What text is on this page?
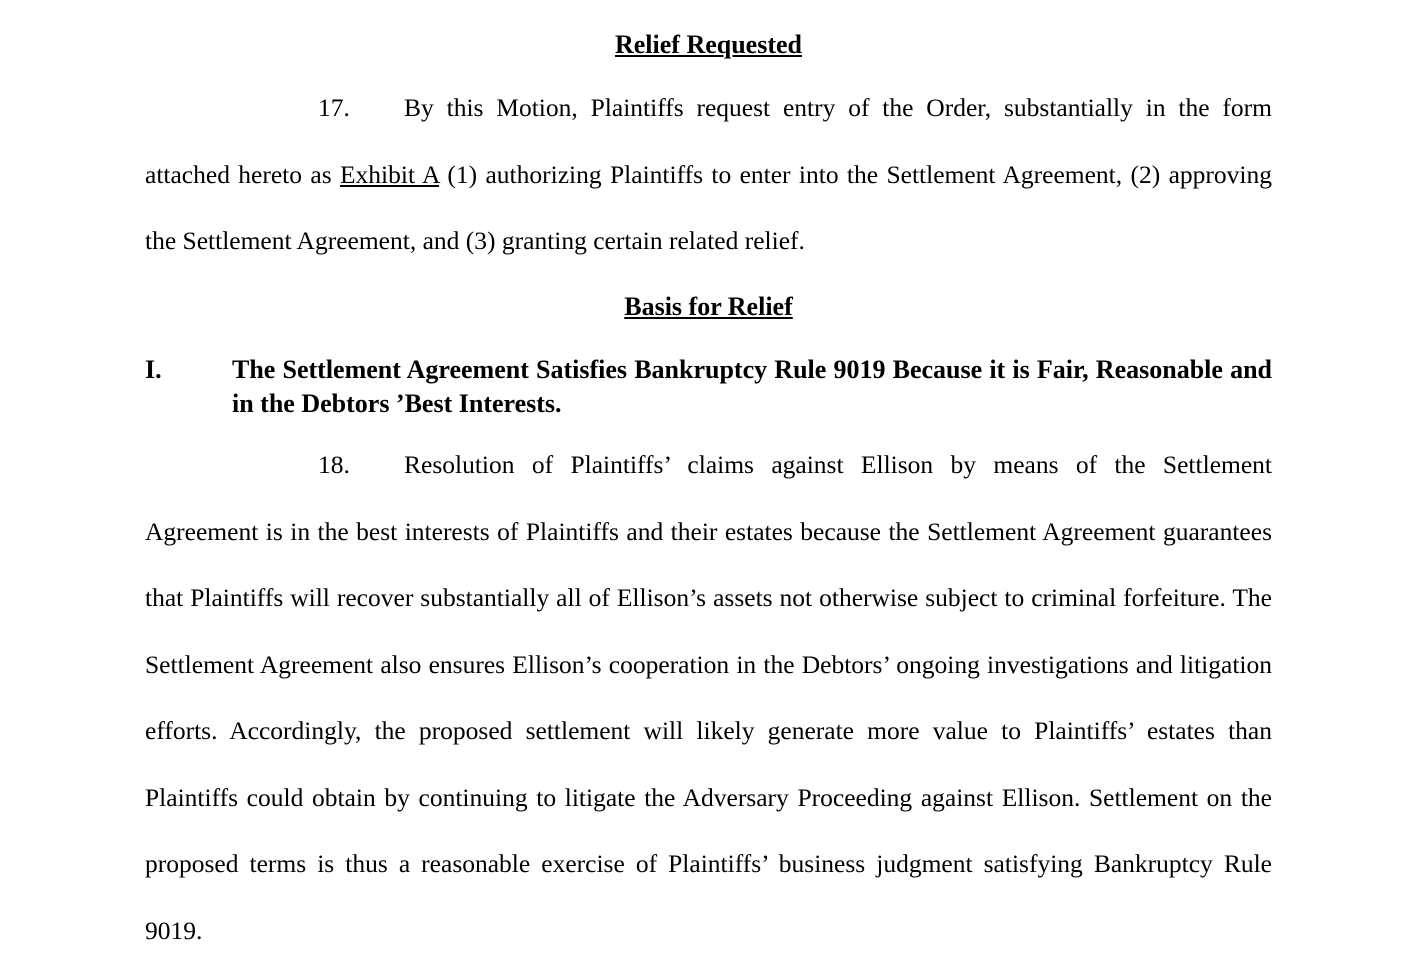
Relief Requested

17. By this Motion, Plaintiffs request entry of the Order, substantially in the form attached hereto as Exhibit A (1) authorizing Plaintiffs to enter into the Settlement Agreement, (2) approving the Settlement Agreement, and (3) granting certain related relief.

Basis for Relief
I.	The Settlement Agreement Satisfies Bankruptcy Rule 9019 Because it is Fair, Reasonable and in the Debtors ’Best Interests.

18. Resolution of Plaintiffs’ claims against Ellison by means of the Settlement Agreement is in the best interests of Plaintiffs and their estates because the Settlement Agreement guarantees that Plaintiffs will recover substantially all of Ellison’s assets not otherwise subject to criminal forfeiture. The Settlement Agreement also ensures Ellison’s cooperation in the Debtors’ ongoing investigations and litigation efforts. Accordingly, the proposed settlement will likely generate more value to Plaintiffs’ estates than Plaintiffs could obtain by continuing to litigate the Adversary Proceeding against Ellison. Settlement on the proposed terms is thus a reasonable exercise of Plaintiffs’ business judgment satisfying Bankruptcy Rule 9019.
